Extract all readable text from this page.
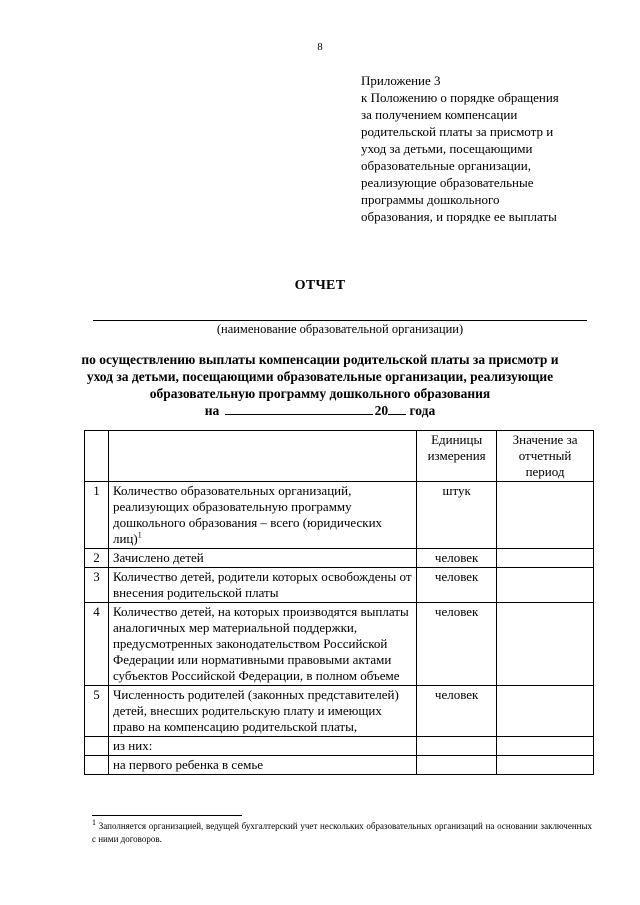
8
Приложение 3
к Положению о порядке обращения
за получением компенсации
родительской платы за присмотр и
уход за детьми, посещающими
образовательные организации,
реализующие образовательные
программы дошкольного
образования, и порядке ее выплаты
ОТЧЕТ
(наименование образовательной организации)
по осуществлению выплаты компенсации родительской платы за присмотр и
уход за детьми, посещающими образовательные организации, реализующие
образовательную программу дошкольного образования
на	20 года
		Единицы измерения	Значение за отчетный период
1	Количество образовательных организаций, реализующих образовательную программу дошкольного образования – всего (юридических лиц)$^1$	штук	
2	Зачислено детей	человек	
3	Количество детей, родители которых освобождены от внесения родительской платы	человек	
4	Количество детей, на которых производятся выплаты аналогичных мер материальной поддержки, предусмотренных законодательством Российской Федерации или нормативными правовыми актами субъектов Российской Федерации, в полном объеме	человек	
5	Численность родителей (законных представителей) детей, внесших родительскую плату и имеющих право на компенсацию родительской платы,	человек	
	из них:		
	на первого ребенка в семье		
$^1$ Заполняется организацией, ведущей бухгалтерский учет нескольких образовательных организаций на основании заключенных с ними договоров.
